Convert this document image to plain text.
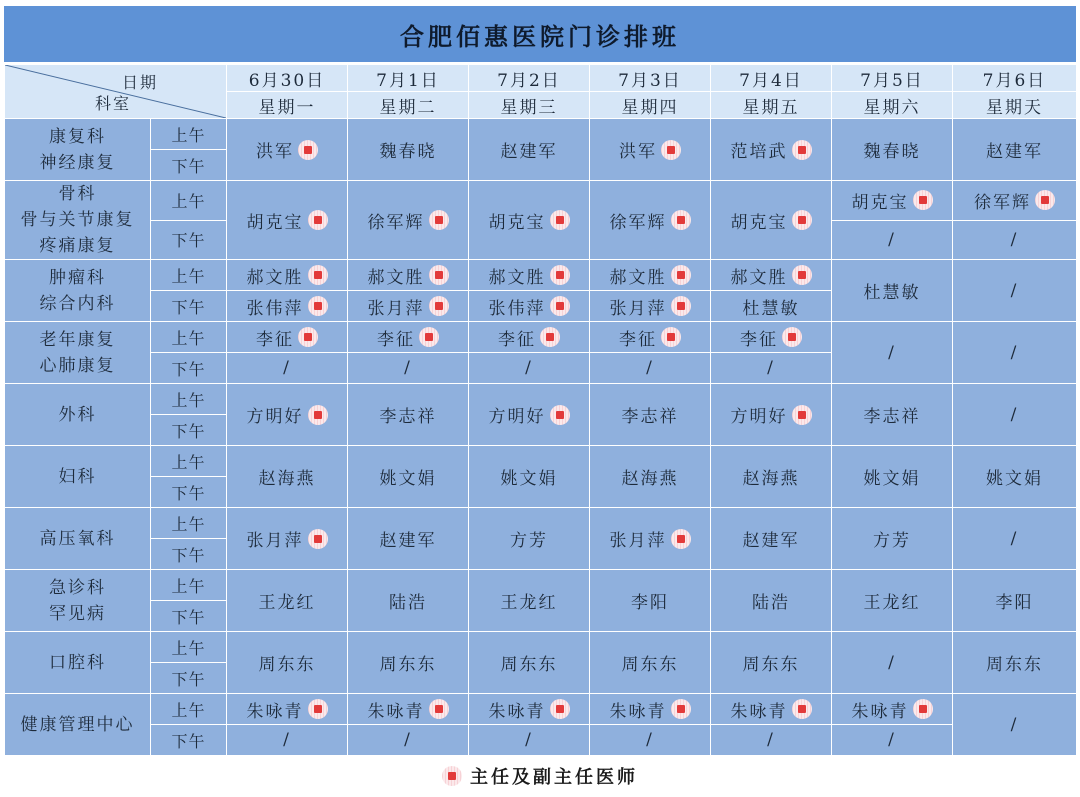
合肥佰惠医院门诊排班
日期
科室		6月30日	7月1日	7月2日	7月3日	7月4日	7月5日	7月6日
		星期一	星期二	星期三	星期四	星期五	星期六	星期天

康复科
神经康复	上午	洪军	魏春晓	赵建军	洪军	范培武	魏春晓	赵建军

	下午							

骨科
骨与关节康复
疼痛康复	上午	胡克宝	徐军辉	胡克宝	徐军辉	胡克宝	胡克宝	徐军辉

	下午						/	/

肿瘤科
综合内科	上午	郝文胜	郝文胜	郝文胜	郝文胜	郝文胜	杜慧敏	/

	下午	张伟萍	张月萍	张伟萍	张月萍	杜慧敏		

老年康复
心肺康复	上午	李征	李征	李征	李征	李征	/	/

	下午	/	/	/	/	/		

外科	上午	方明好	李志祥	方明好	李志祥	方明好	李志祥	/

	下午							

妇科	上午	赵海燕	姚文娟	姚文娟	赵海燕	赵海燕	姚文娟	姚文娟

	下午							

高压氧科	上午	张月萍	赵建军	方芳	张月萍	赵建军	方芳	/

	下午							

急诊科
罕见病	上午	王龙红	陆浩	王龙红	李阳	陆浩	王龙红	李阳

	下午							

口腔科	上午	周东东	周东东	周东东	周东东	周东东	/	周东东

	下午							

健康管理中心	上午	朱咏青	朱咏青	朱咏青	朱咏青	朱咏青	朱咏青	/

	下午	/	/	/	/	/	/	
主任及副主任医师
